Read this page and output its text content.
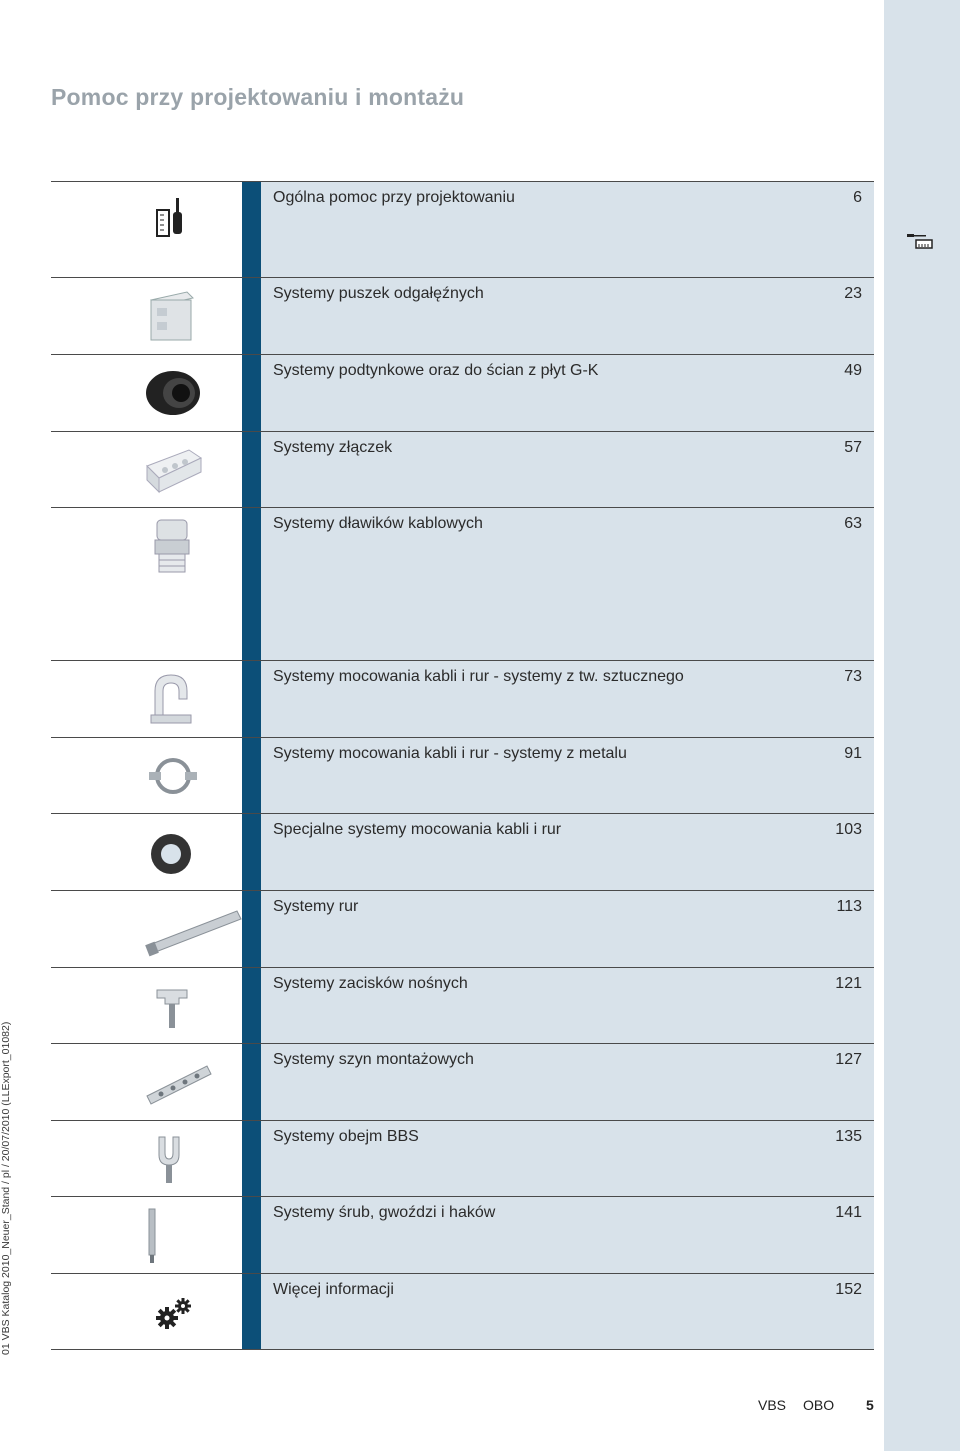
Pomoc przy projektowaniu i montażu
01 VBS Katalog 2010_Neuer_Stand / pl / 20/07/2010 (LLExport_01082)
Ogólna pomoc przy projektowaniu	6
Systemy puszek odgałęźnych	23
Systemy podtynkowe oraz do ścian z płyt G-K	49
Systemy złączek	57
Systemy dławików kablowych	63
Systemy mocowania kabli i rur - systemy z tw. sztucznego	73
Systemy mocowania kabli i rur - systemy z metalu	91
Specjalne systemy mocowania kabli i rur	103
Systemy rur	113
Systemy zacisków nośnych	121
Systemy szyn montażowych	127
Systemy obejm BBS	135
Systemy śrub, gwoździ i haków	141
Więcej informacji	152
VBS OBO 5
